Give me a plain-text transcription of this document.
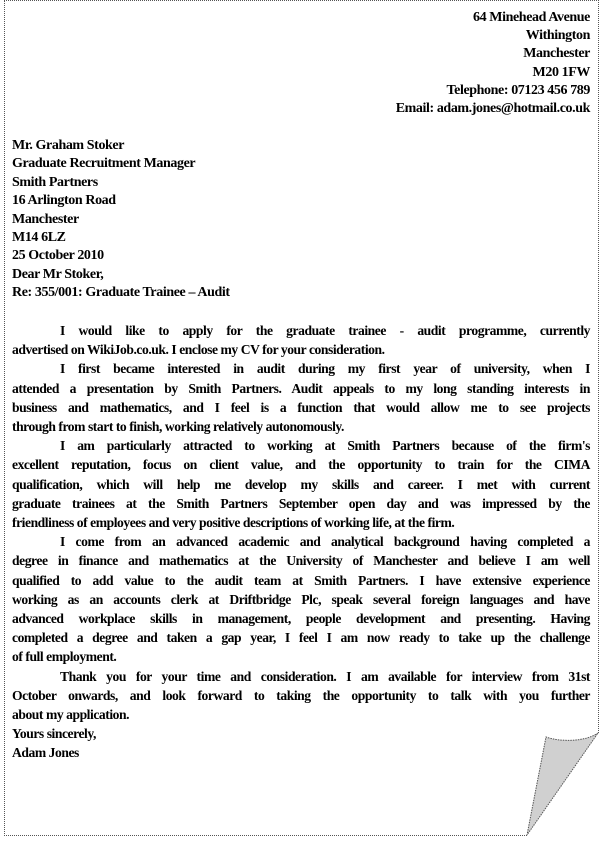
64 Minehead Avenue
Withington
Manchester
M20 1FW
Telephone: 07123 456 789
Email: adam.jones@hotmail.co.uk
Mr. Graham Stoker
Graduate Recruitment Manager
Smith Partners
16 Arlington Road
Manchester
M14 6LZ
25 October 2010
Dear Mr Stoker,
Re: 355/001: Graduate Trainee – Audit
I would like to apply for the graduate trainee - audit programme, currently
advertised on WikiJob.co.uk. I enclose my CV for your consideration.
I first became interested in audit during my first year of university, when I
attended a presentation by Smith Partners. Audit appeals to my long standing interests in
business and mathematics, and I feel is a function that would allow me to see projects
through from start to finish, working relatively autonomously.
I am particularly attracted to working at Smith Partners because of the firm's
excellent reputation, focus on client value, and the opportunity to train for the CIMA
qualification, which will help me develop my skills and career. I met with current
graduate trainees at the Smith Partners September open day and was impressed by the
friendliness of employees and very positive descriptions of working life, at the firm.
I come from an advanced academic and analytical background having completed a
degree in finance and mathematics at the University of Manchester and believe I am well
qualified to add value to the audit team at Smith Partners. I have extensive experience
working as an accounts clerk at Driftbridge Plc, speak several foreign languages and have
advanced workplace skills in management, people development and presenting. Having
completed a degree and taken a gap year, I feel I am now ready to take up the challenge
of full employment.
Thank you for your time and consideration. I am available for interview from 31st
October onwards, and look forward to taking the opportunity to talk with you further
about my application.
Yours sincerely,
Adam Jones
